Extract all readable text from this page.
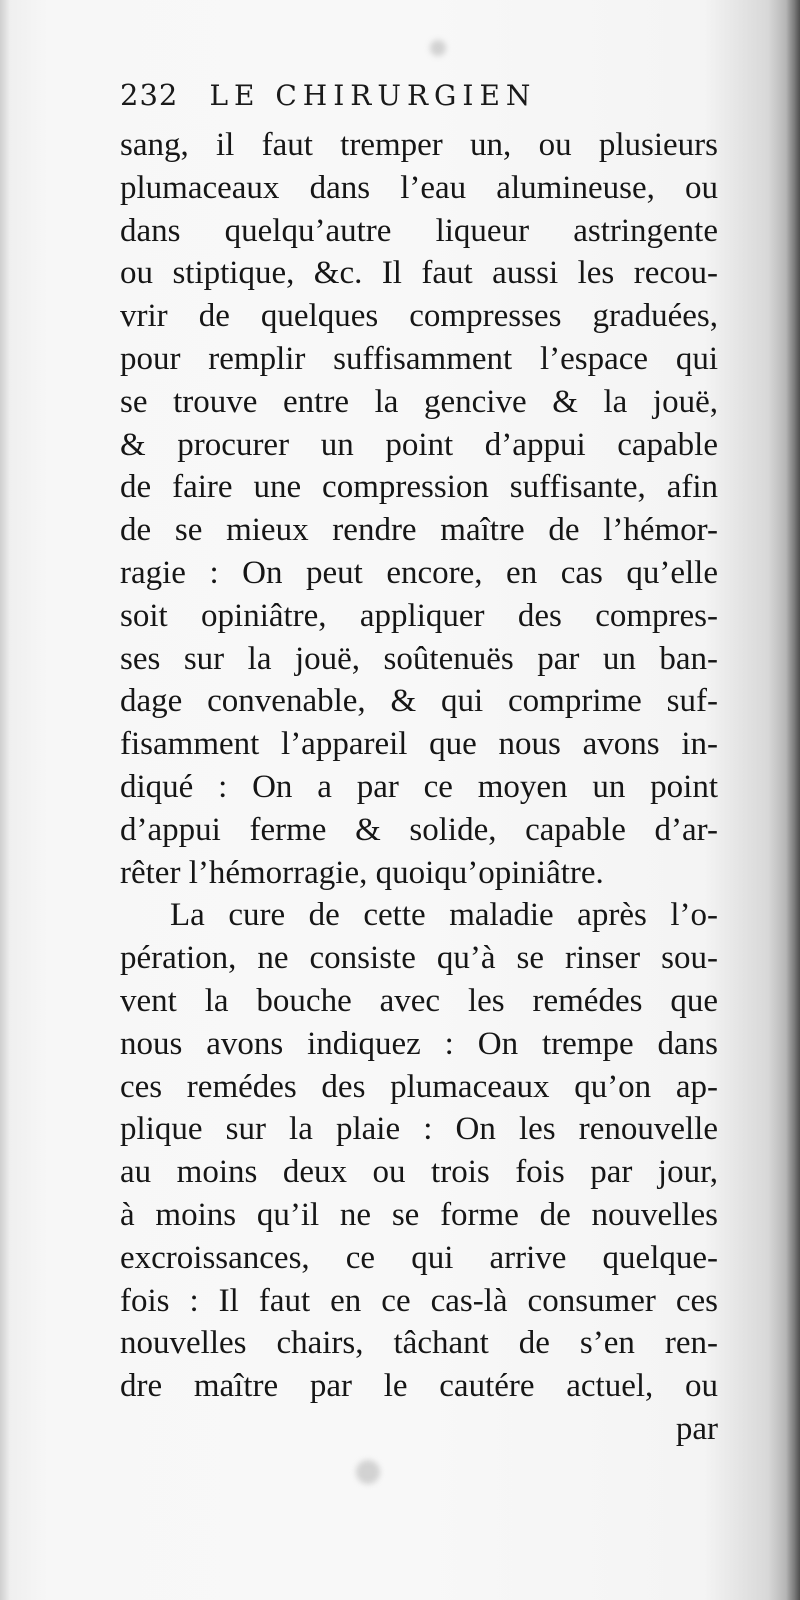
232 LE CHIRURGIEN
sang, il faut tremper un, ou plusieurs
plumaceaux dans l’eau alumineuse, ou
dans quelqu’autre liqueur astringente
ou stiptique, &c. Il faut aussi les recou-
vrir de quelques compresses graduées,
pour remplir suffisamment l’espace qui
se trouve entre la gencive & la jouë,
& procurer un point d’appui capable
de faire une compression suffisante, afin
de se mieux rendre maître de l’hémor-
ragie : On peut encore, en cas qu’elle
soit opiniâtre, appliquer des compres-
ses sur la jouë, soûtenuës par un ban-
dage convenable, & qui comprime suf-
fisamment l’appareil que nous avons in-
diqué : On a par ce moyen un point
d’appui ferme & solide, capable d’ar-
rêter l’hémorragie, quoiqu’opiniâtre.
La cure de cette maladie après l’o-
pération, ne consiste qu’à se rinser sou-
vent la bouche avec les remédes que
nous avons indiquez : On trempe dans
ces remédes des plumaceaux qu’on ap-
plique sur la plaie : On les renouvelle
au moins deux ou trois fois par jour,
à moins qu’il ne se forme de nouvelles
excroissances, ce qui arrive quelque-
fois : Il faut en ce cas-là consumer ces
nouvelles chairs, tâchant de s’en ren-
dre maître par le cautére actuel, ou
par
